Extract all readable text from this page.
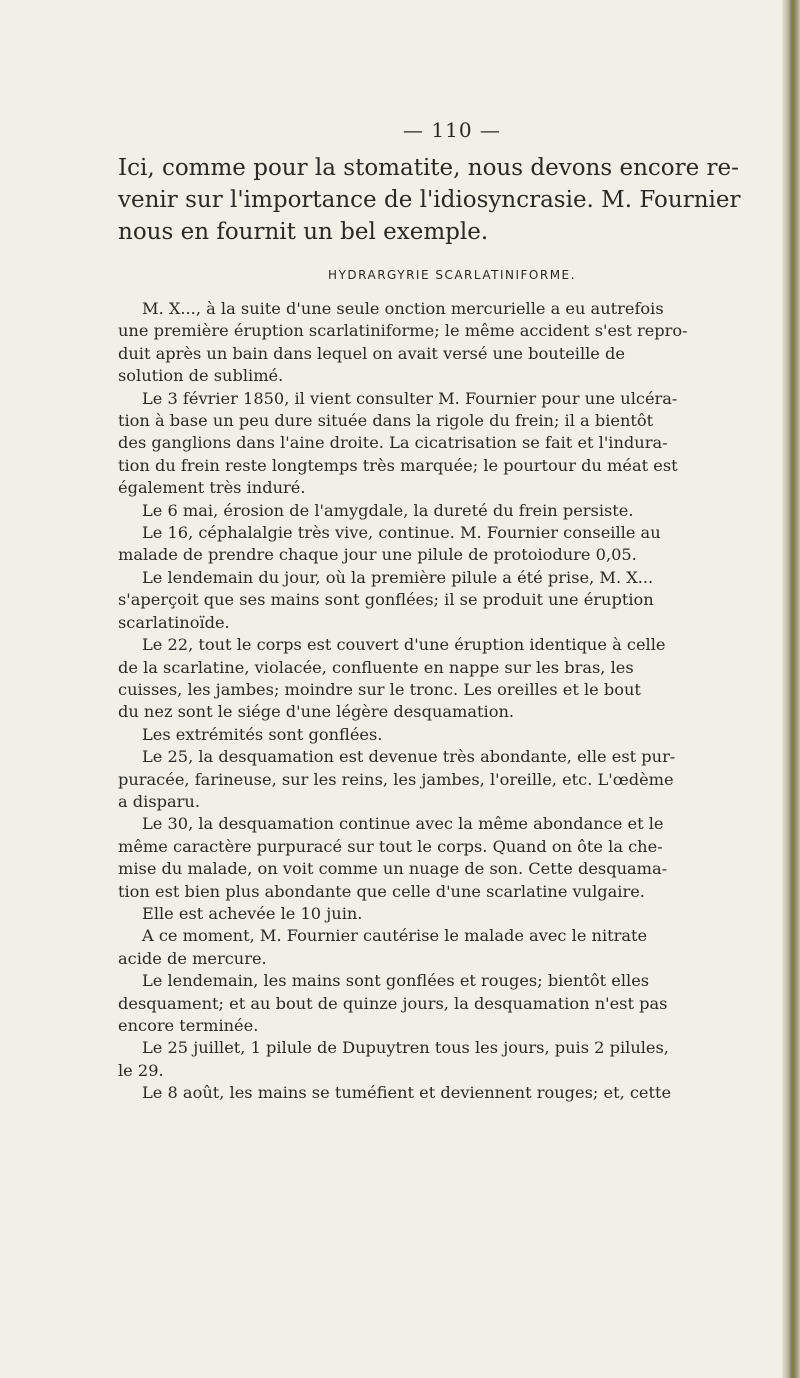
— 110 —

Ici, comme pour la stomatite, nous devons encore re-
venir sur l'importance de l'idiosyncrasie. M. Fournier
nous en fournit un bel exemple.

HYDRARGYRIE SCARLATINIFORME.

M. X..., à la suite d'une seule onction mercurielle a eu autrefois
une première éruption scarlatiniforme; le même accident s'est repro-
duit après un bain dans lequel on avait versé une bouteille de
solution de sublimé.

Le 3 février 1850, il vient consulter M. Fournier pour une ulcéra-
tion à base un peu dure située dans la rigole du frein; il a bientôt
des ganglions dans l'aine droite. La cicatrisation se fait et l'indura-
tion du frein reste longtemps très marquée; le pourtour du méat est
également très induré.

Le 6 mai, érosion de l'amygdale, la dureté du frein persiste.

Le 16, céphalalgie très vive, continue. M. Fournier conseille au
malade de prendre chaque jour une pilule de protoiodure 0,05.

Le lendemain du jour, où la première pilule a été prise, M. X...
s'aperçoit que ses mains sont gonflées; il se produit une éruption
scarlatinoïde.

Le 22, tout le corps est couvert d'une éruption identique à celle
de la scarlatine, violacée, confluente en nappe sur les bras, les
cuisses, les jambes; moindre sur le tronc. Les oreilles et le bout
du nez sont le siége d'une légère desquamation.

Les extrémités sont gonflées.

Le 25, la desquamation est devenue très abondante, elle est pur-
puracée, farineuse, sur les reins, les jambes, l'oreille, etc. L'œdème
a disparu.

Le 30, la desquamation continue avec la même abondance et le
même caractère purpuracé sur tout le corps. Quand on ôte la che-
mise du malade, on voit comme un nuage de son. Cette desquama-
tion est bien plus abondante que celle d'une scarlatine vulgaire.

Elle est achevée le 10 juin.

A ce moment, M. Fournier cautérise le malade avec le nitrate
acide de mercure.

Le lendemain, les mains sont gonflées et rouges; bientôt elles
desquament; et au bout de quinze jours, la desquamation n'est pas
encore terminée.

Le 25 juillet, 1 pilule de Dupuytren tous les jours, puis 2 pilules,
le 29.

Le 8 août, les mains se tuméfient et deviennent rouges; et, cette
